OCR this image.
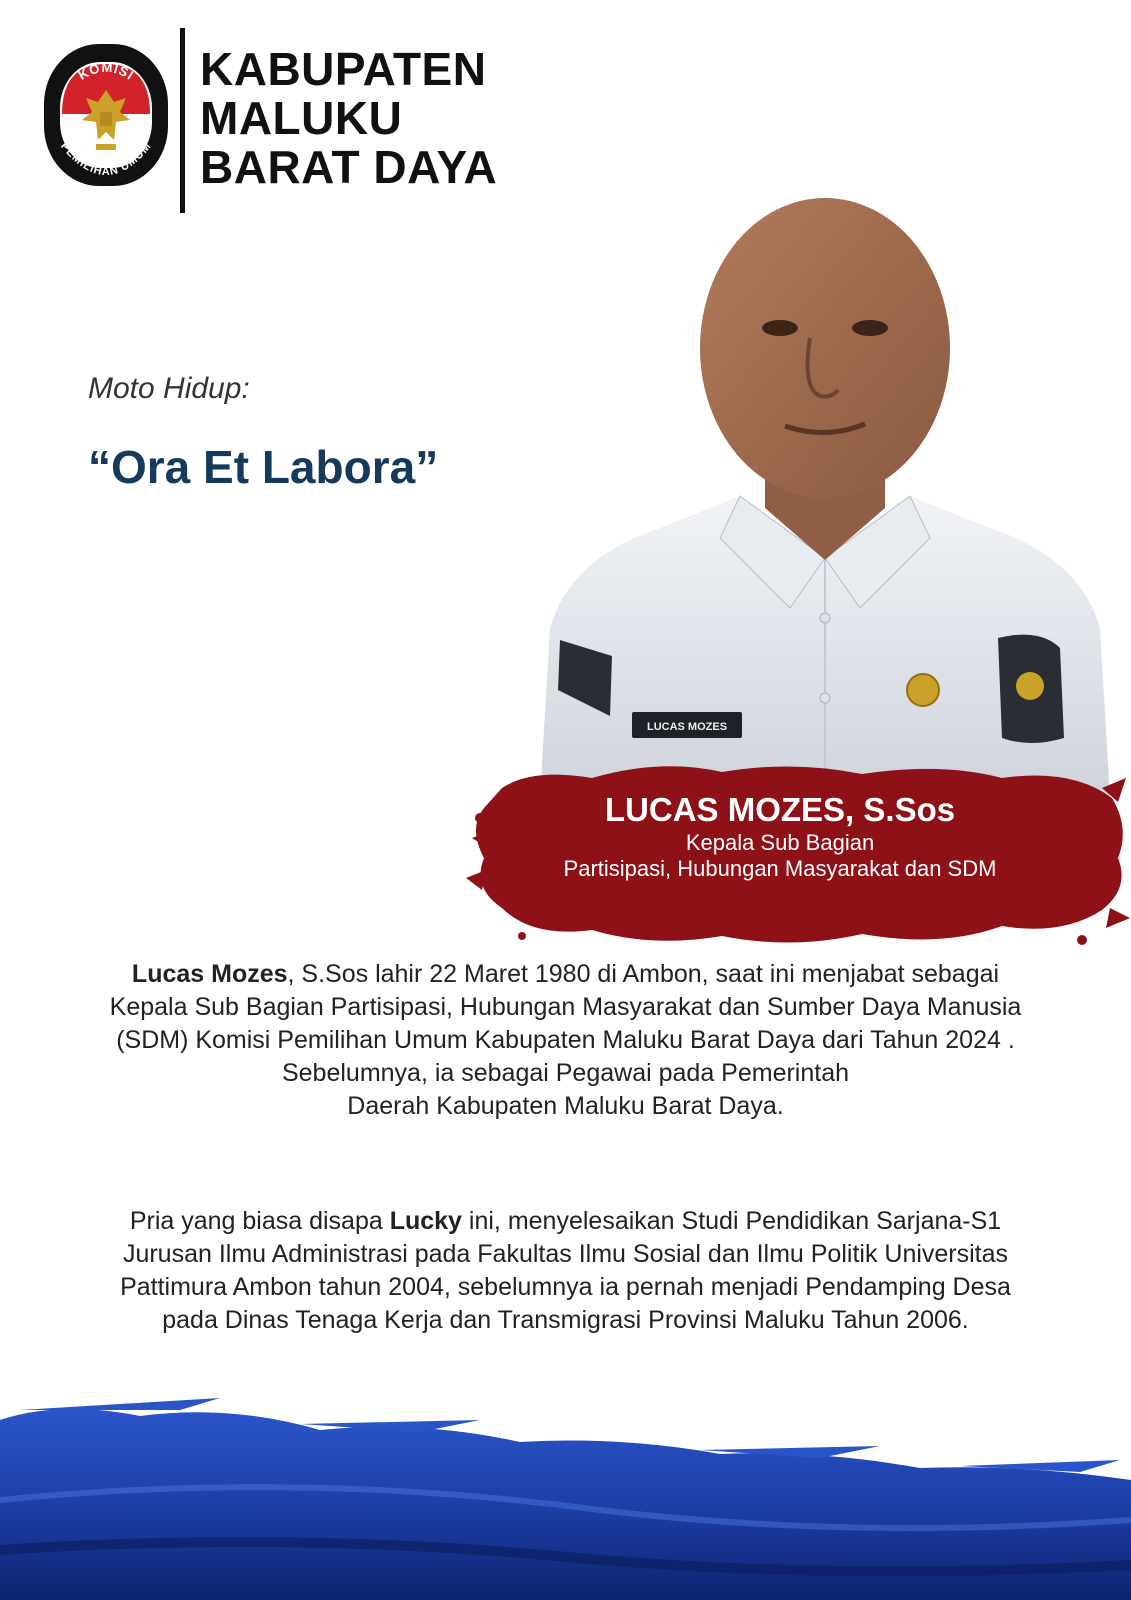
KOMISI
PEMILIHAN UMUM
KABUPATEN
MALUKU
BARAT DAYA
Moto Hidup:
“Ora Et Labora”
LUCAS MOZES
LUCAS MOZES, S.Sos
Kepala Sub Bagian
Partisipasi, Hubungan Masyarakat dan SDM
Lucas Mozes, S.Sos lahir 22 Maret 1980 di Ambon, saat ini menjabat sebagai
Kepala Sub Bagian Partisipasi, Hubungan Masyarakat dan Sumber Daya Manusia
(SDM) Komisi Pemilihan Umum Kabupaten Maluku Barat Daya dari Tahun 2024 .
Sebelumnya, ia sebagai Pegawai pada Pemerintah
Daerah Kabupaten Maluku Barat Daya.
Pria yang biasa disapa Lucky ini, menyelesaikan Studi Pendidikan Sarjana-S1
Jurusan Ilmu Administrasi pada Fakultas Ilmu Sosial dan Ilmu Politik Universitas
Pattimura Ambon tahun 2004, sebelumnya ia pernah menjadi Pendamping Desa
pada Dinas Tenaga Kerja dan Transmigrasi Provinsi Maluku Tahun 2006.
